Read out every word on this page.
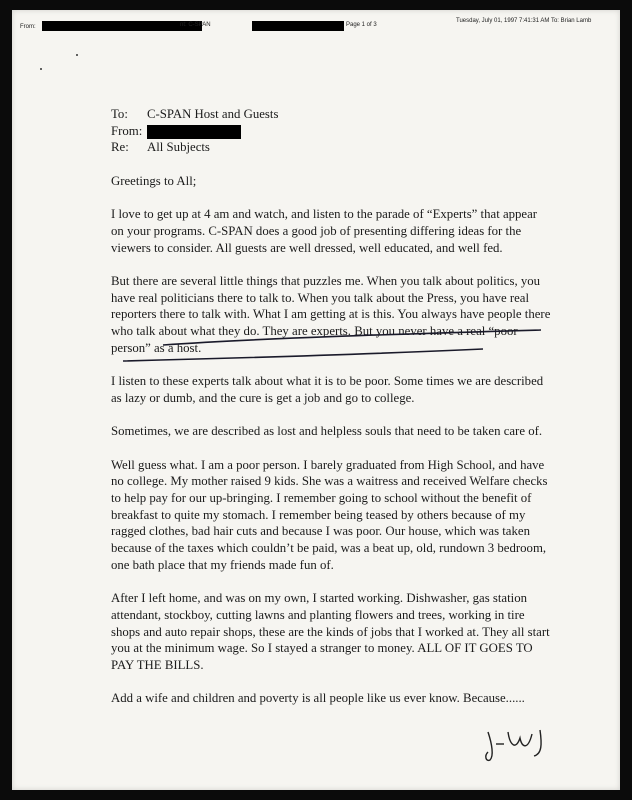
From:	nt: C-SPAN	Page 1 of 3
Tuesday, July 01, 1997 7:41:31 AM To: Brian Lamb
To:	C-SPAN Host and Guests
From:
Re:	All Subjects

Greetings to All;

I love to get up at 4 am and watch, and listen to the parade of “Experts” that appear on your programs. C-SPAN does a good job of presenting differing ideas for the viewers to consider. All guests are well dressed, well educated, and well fed.

But there are several little things that puzzles me. When you talk about politics, you have real politicians there to talk to. When you talk about the Press, you have real reporters there to talk with. What I am getting at is this. You always have people there who talk about what they do. They are experts. But you never have a real “poor person” as a host.

I listen to these experts talk about what it is to be poor. Some times we are described as lazy or dumb, and the cure is get a job and go to college.

Sometimes, we are described as lost and helpless souls that need to be taken care of.

Well guess what. I am a poor person. I barely graduated from High School, and have no college. My mother raised 9 kids. She was a waitress and received Welfare checks to help pay for our up-bringing. I remember going to school without the benefit of breakfast to quite my stomach. I remember being teased by others because of my ragged clothes, bad hair cuts and because I was poor. Our house, which was taken because of the taxes which couldn’t be paid, was a beat up, old, rundown 3 bedroom, one bath place that my friends made fun of.

After I left home, and was on my own, I started working. Dishwasher, gas station attendant, stockboy, cutting lawns and planting flowers and trees, working in tire shops and auto repair shops, these are the kinds of jobs that I worked at. They all start you at the minimum wage. So I stayed a stranger to money. ALL OF IT GOES TO PAY THE BILLS.

Add a wife and children and poverty is all people like us ever know. Because......
